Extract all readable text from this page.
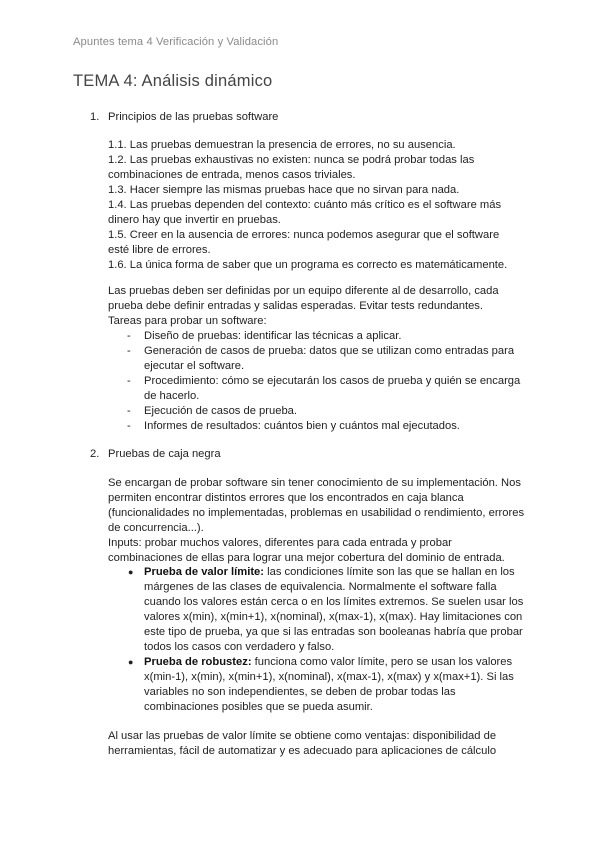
Apuntes tema 4 Verificación y Validación
TEMA 4: Análisis dinámico
1. Principios de las pruebas software

1.1. Las pruebas demuestran la presencia de errores, no su ausencia.

1.2. Las pruebas exhaustivas no existen: nunca se podrá probar todas las combinaciones de entrada, menos casos triviales.

1.3. Hacer siempre las mismas pruebas hace que no sirvan para nada.

1.4. Las pruebas dependen del contexto: cuánto más crítico es el software más dinero hay que invertir en pruebas.

1.5. Creer en la ausencia de errores: nunca podemos asegurar que el software esté libre de errores.

1.6. La única forma de saber que un programa es correcto es matemáticamente.

Las pruebas deben ser definidas por un equipo diferente al de desarrollo, cada prueba debe definir entradas y salidas esperadas. Evitar tests redundantes.

Tareas para probar un software:

- Diseño de pruebas: identificar las técnicas a aplicar.
- Generación de casos de prueba: datos que se utilizan como entradas para ejecutar el software.
- Procedimiento: cómo se ejecutarán los casos de prueba y quién se encarga de hacerlo.
- Ejecución de casos de prueba.
- Informes de resultados: cuántos bien y cuántos mal ejecutados.
2. Pruebas de caja negra

Se encargan de probar software sin tener conocimiento de su implementación. Nos permiten encontrar distintos errores que los encontrados en caja blanca (funcionalidades no implementadas, problemas en usabilidad o rendimiento, errores de concurrencia...).

Inputs: probar muchos valores, diferentes para cada entrada y probar combinaciones de ellas para lograr una mejor cobertura del dominio de entrada.

● Prueba de valor límite: las condiciones límite son las que se hallan en los márgenes de las clases de equivalencia. Normalmente el software falla cuando los valores están cerca o en los límites extremos. Se suelen usar los valores x(min), x(min+1), x(nominal), x(max-1), x(max). Hay limitaciones con este tipo de prueba, ya que si las entradas son booleanas habría que probar todos los casos con verdadero y falso.
● Prueba de robustez: funciona como valor límite, pero se usan los valores x(min-1), x(min), x(min+1), x(nominal), x(max-1), x(max) y x(max+1). Si las variables no son independientes, se deben de probar todas las combinaciones posibles que se pueda asumir.

Al usar las pruebas de valor límite se obtiene como ventajas: disponibilidad de herramientas, fácil de automatizar y es adecuado para aplicaciones de cálculo
